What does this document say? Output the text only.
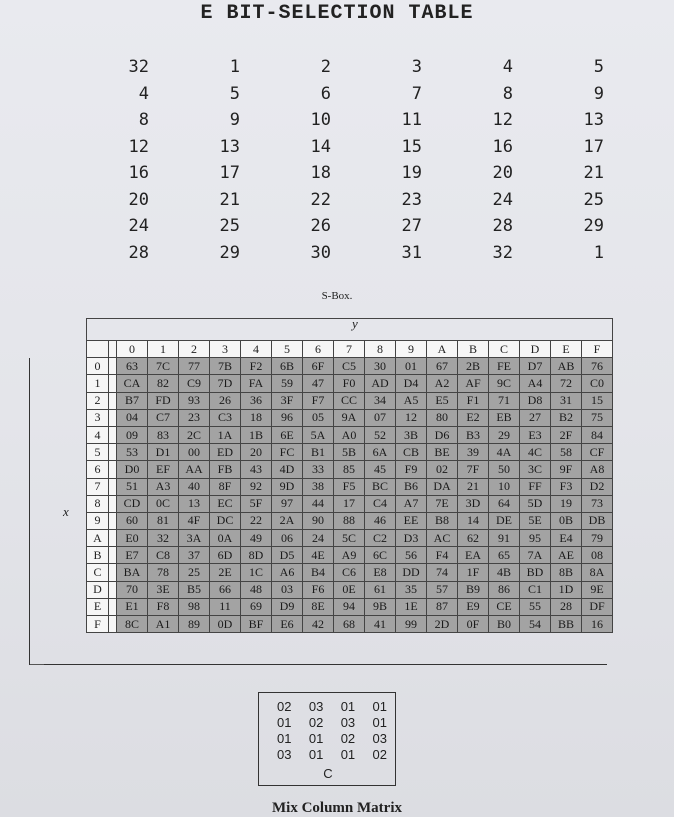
E BIT-SELECTION TABLE
32	1	2	3	4	5
4	5	6	7	8	9
8	9	10	11	12	13
12	13	14	15	16	17
16	17	18	19	20	21
20	21	22	23	24	25
24	25	26	27	28	29
28	29	30	31	32	1
S-Box.
x

		0	1	2	3	4	5	6	7	8	9	A	B	C	D	E	F
0		63	7C	77	7B	F2	6B	6F	C5	30	01	67	2B	FE	D7	AB	76
1		CA	82	C9	7D	FA	59	47	F0	AD	D4	A2	AF	9C	A4	72	C0
2		B7	FD	93	26	36	3F	F7	CC	34	A5	E5	F1	71	D8	31	15
3		04	C7	23	C3	18	96	05	9A	07	12	80	E2	EB	27	B2	75
4		09	83	2C	1A	1B	6E	5A	A0	52	3B	D6	B3	29	E3	2F	84
5		53	D1	00	ED	20	FC	B1	5B	6A	CB	BE	39	4A	4C	58	CF
6		D0	EF	AA	FB	43	4D	33	85	45	F9	02	7F	50	3C	9F	A8
7		51	A3	40	8F	92	9D	38	F5	BC	B6	DA	21	10	FF	F3	D2
8		CD	0C	13	EC	5F	97	44	17	C4	A7	7E	3D	64	5D	19	73
9		60	81	4F	DC	22	2A	90	88	46	EE	B8	14	DE	5E	0B	DB
A		E0	32	3A	0A	49	06	24	5C	C2	D3	AC	62	91	95	E4	79
B		E7	C8	37	6D	8D	D5	4E	A9	6C	56	F4	EA	65	7A	AE	08
C		BA	78	25	2E	1C	A6	B4	C6	E8	DD	74	1F	4B	BD	8B	8A
D		70	3E	B5	66	48	03	F6	0E	61	35	57	B9	86	C1	1D	9E
E		E1	F8	98	11	69	D9	8E	94	9B	1E	87	E9	CE	55	28	DF
F		8C	A1	89	0D	BF	E6	42	68	41	99	2D	0F	B0	54	BB	16
y
C
02 03 01 01
01 02 03 01
01 01 02 03
03 01 01 02
Mix Column Matrix
